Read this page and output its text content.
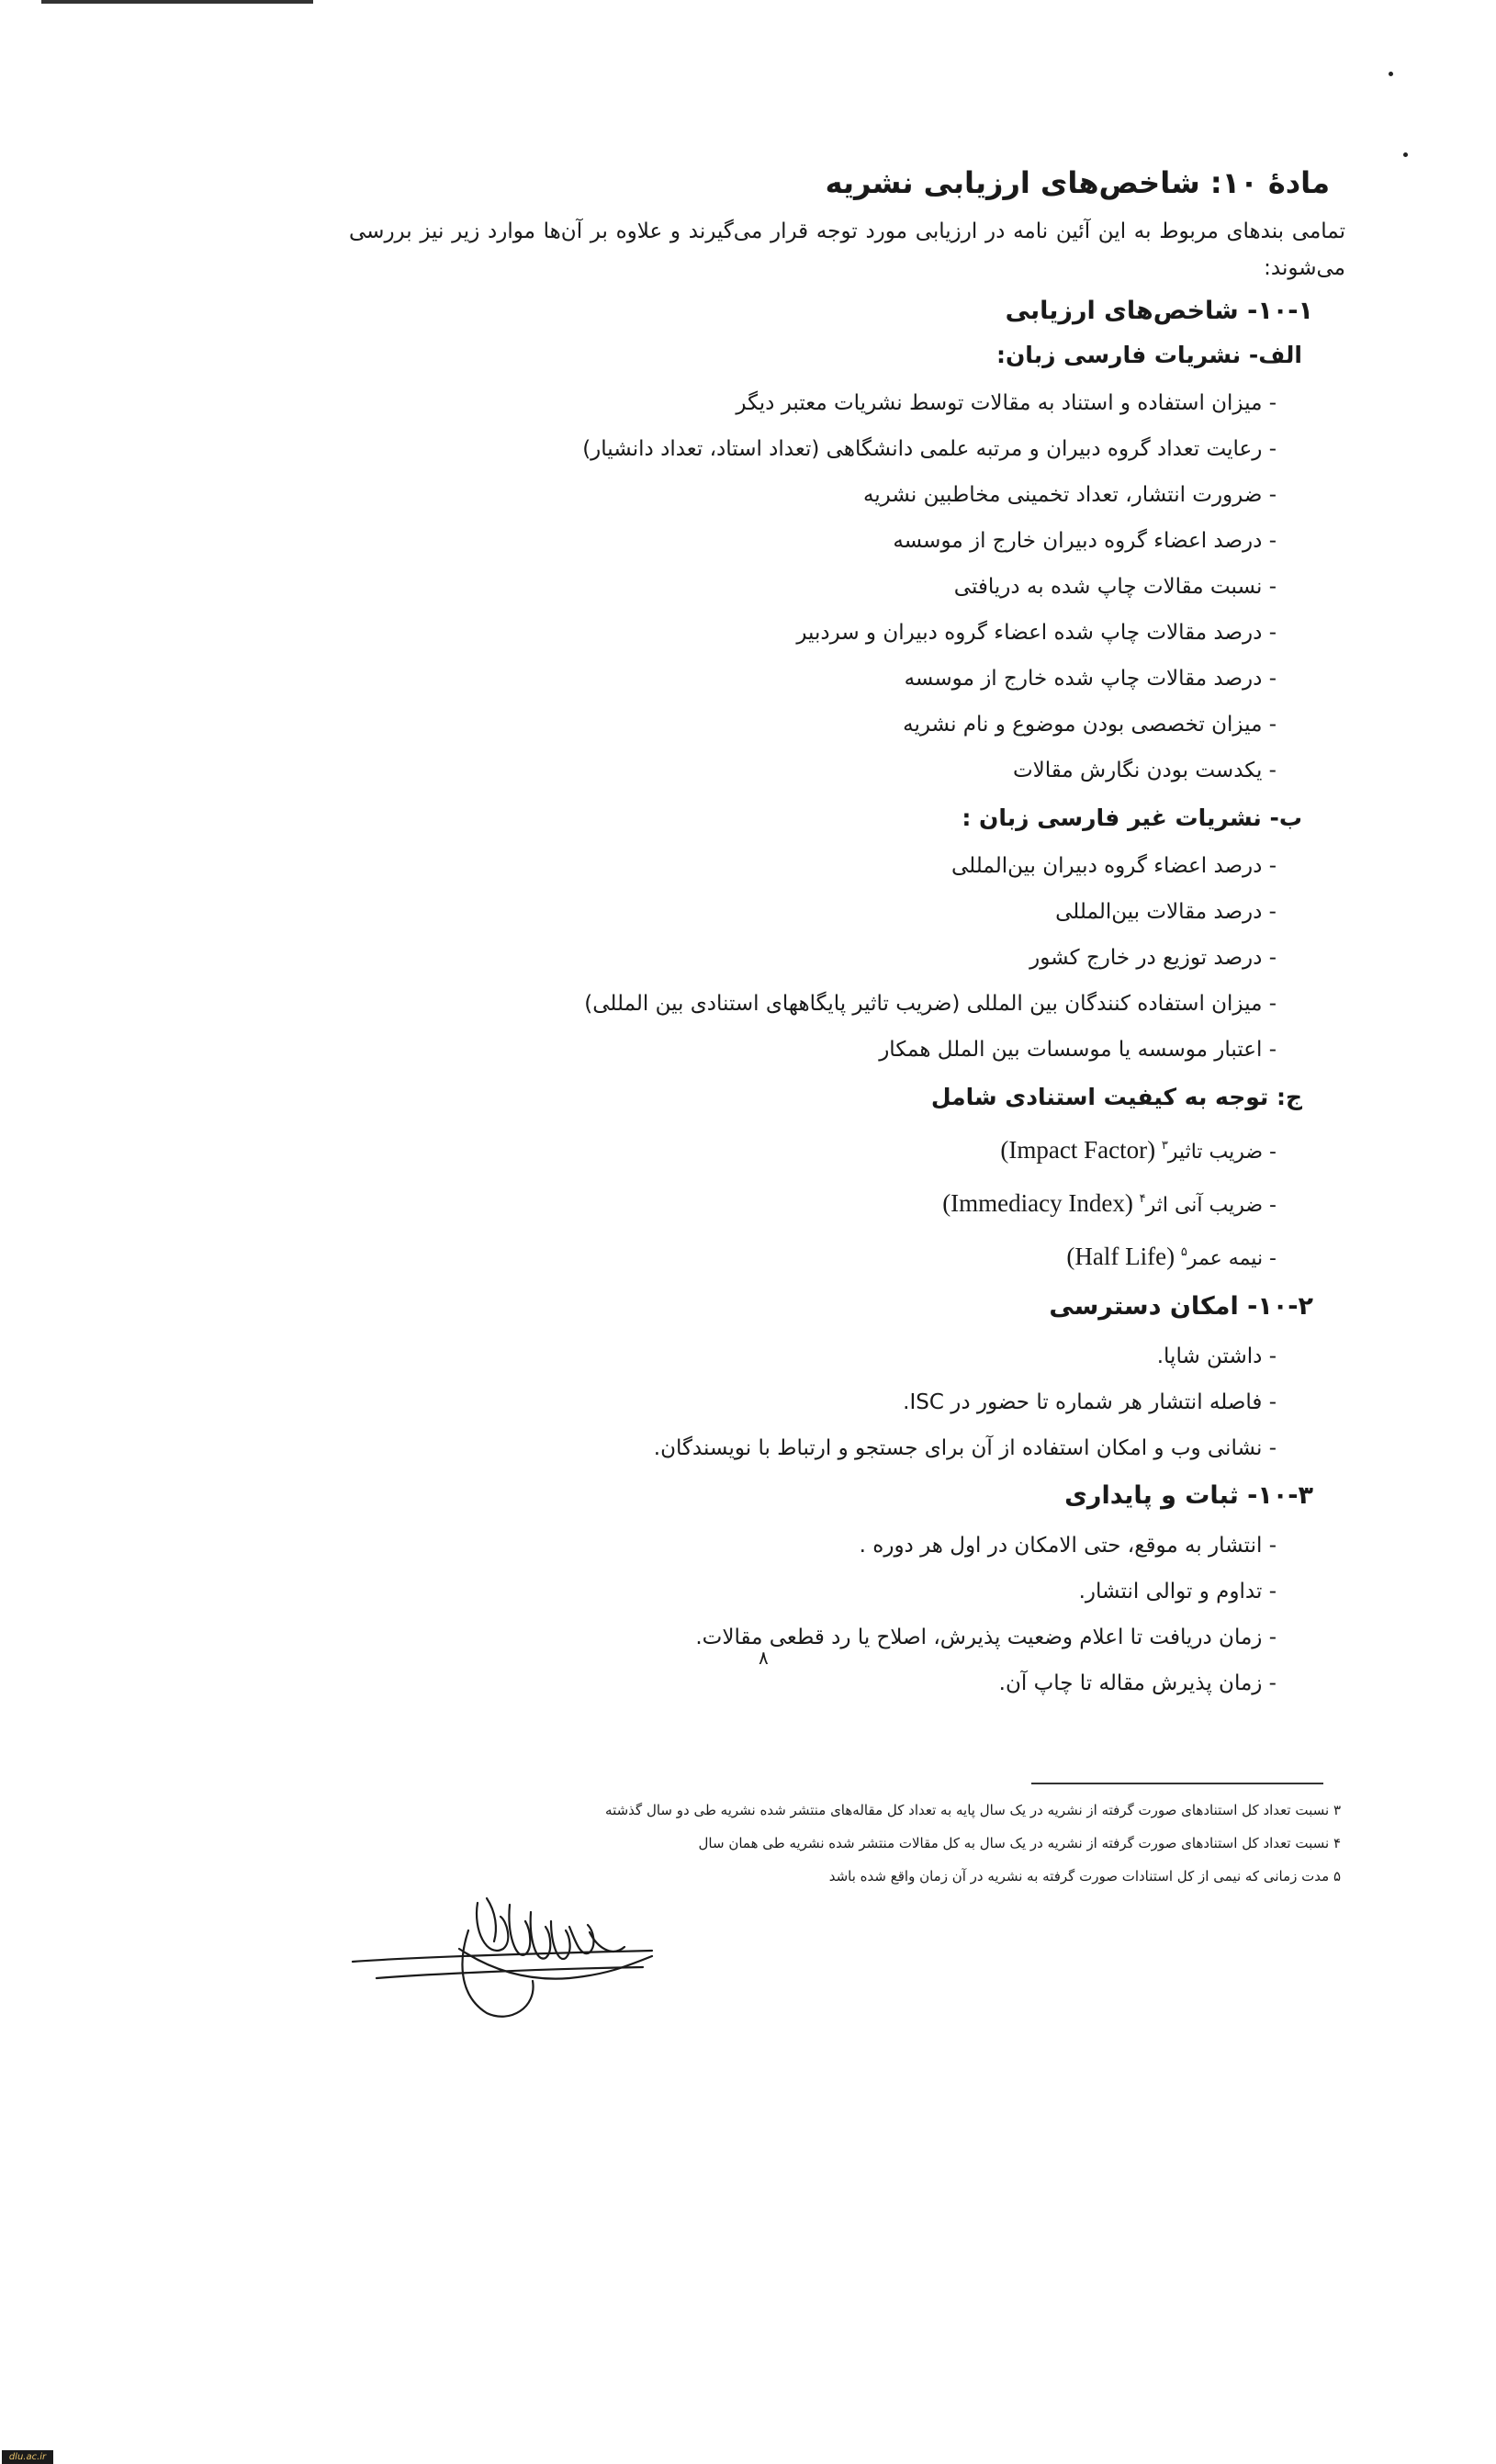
مادهٔ ۱۰: شاخص‌های ارزیابی نشریه
تمامی بندهای مربوط به این آئین نامه در ارزیابی مورد توجه قرار می‌گیرند و علاوه بر آن‌ها موارد زیر نیز بررسی می‌شوند:
۱۰-۱- شاخص‌های ارزیابی
الف- نشریات فارسی زبان:
- میزان استفاده و استناد به مقالات توسط نشریات معتبر دیگر
- رعایت تعداد گروه دبیران و مرتبه علمی دانشگاهی (تعداد استاد، تعداد دانشیار)
- ضرورت انتشار، تعداد تخمینی مخاطبین نشریه
- درصد اعضاء گروه دبیران خارج از موسسه
- نسبت مقالات چاپ شده به دریافتی
- درصد مقالات چاپ شده اعضاء گروه دبیران و سردبیر
- درصد مقالات چاپ شده خارج از موسسه
- میزان تخصصی بودن موضوع و نام نشریه
- یکدست بودن نگارش مقالات
ب- نشریات غیر فارسی زبان :
- درصد اعضاء گروه دبیران بین‌المللی
- درصد مقالات بین‌المللی
- درصد توزیع در خارج کشور
- میزان استفاده کنندگان بین المللی (ضریب تاثیر پایگاههای استنادی بین المللی)
- اعتبار موسسه یا موسسات بین الملل همکار
ج: توجه به کیفیت استنادی شامل
- ضریب تاثیر$^۳$ (Impact Factor)
- ضریب آنی اثر$^۴$ (Immediacy Index)
- نیمه عمر$^۵$ (Half Life)
۱۰-۲- امکان دسترسی
- داشتن شاپا.
- فاصله انتشار هر شماره تا حضور در ISC.
- نشانی وب و امکان استفاده از آن برای جستجو و ارتباط با نویسندگان.
۱۰-۳- ثبات و پایداری
- انتشار به موقع، حتی الامکان در اول هر دوره .
- تداوم و توالی انتشار.
- زمان دریافت تا اعلام وضعیت پذیرش، اصلاح یا رد قطعی مقالات.
- زمان پذیرش مقاله تا چاپ آن.
۳ نسبت تعداد کل استنادهای صورت گرفته از نشریه در یک سال پایه به تعداد کل مقاله‌های منتشر شده نشریه طی دو سال گذشته
۴ نسبت تعداد کل استنادهای صورت گرفته از نشریه در یک سال به کل مقالات منتشر شده نشریه طی همان سال
۵ مدت زمانی که نیمی از کل استنادات صورت گرفته به نشریه در آن زمان واقع شده باشد
۸
dlu.ac.ir
